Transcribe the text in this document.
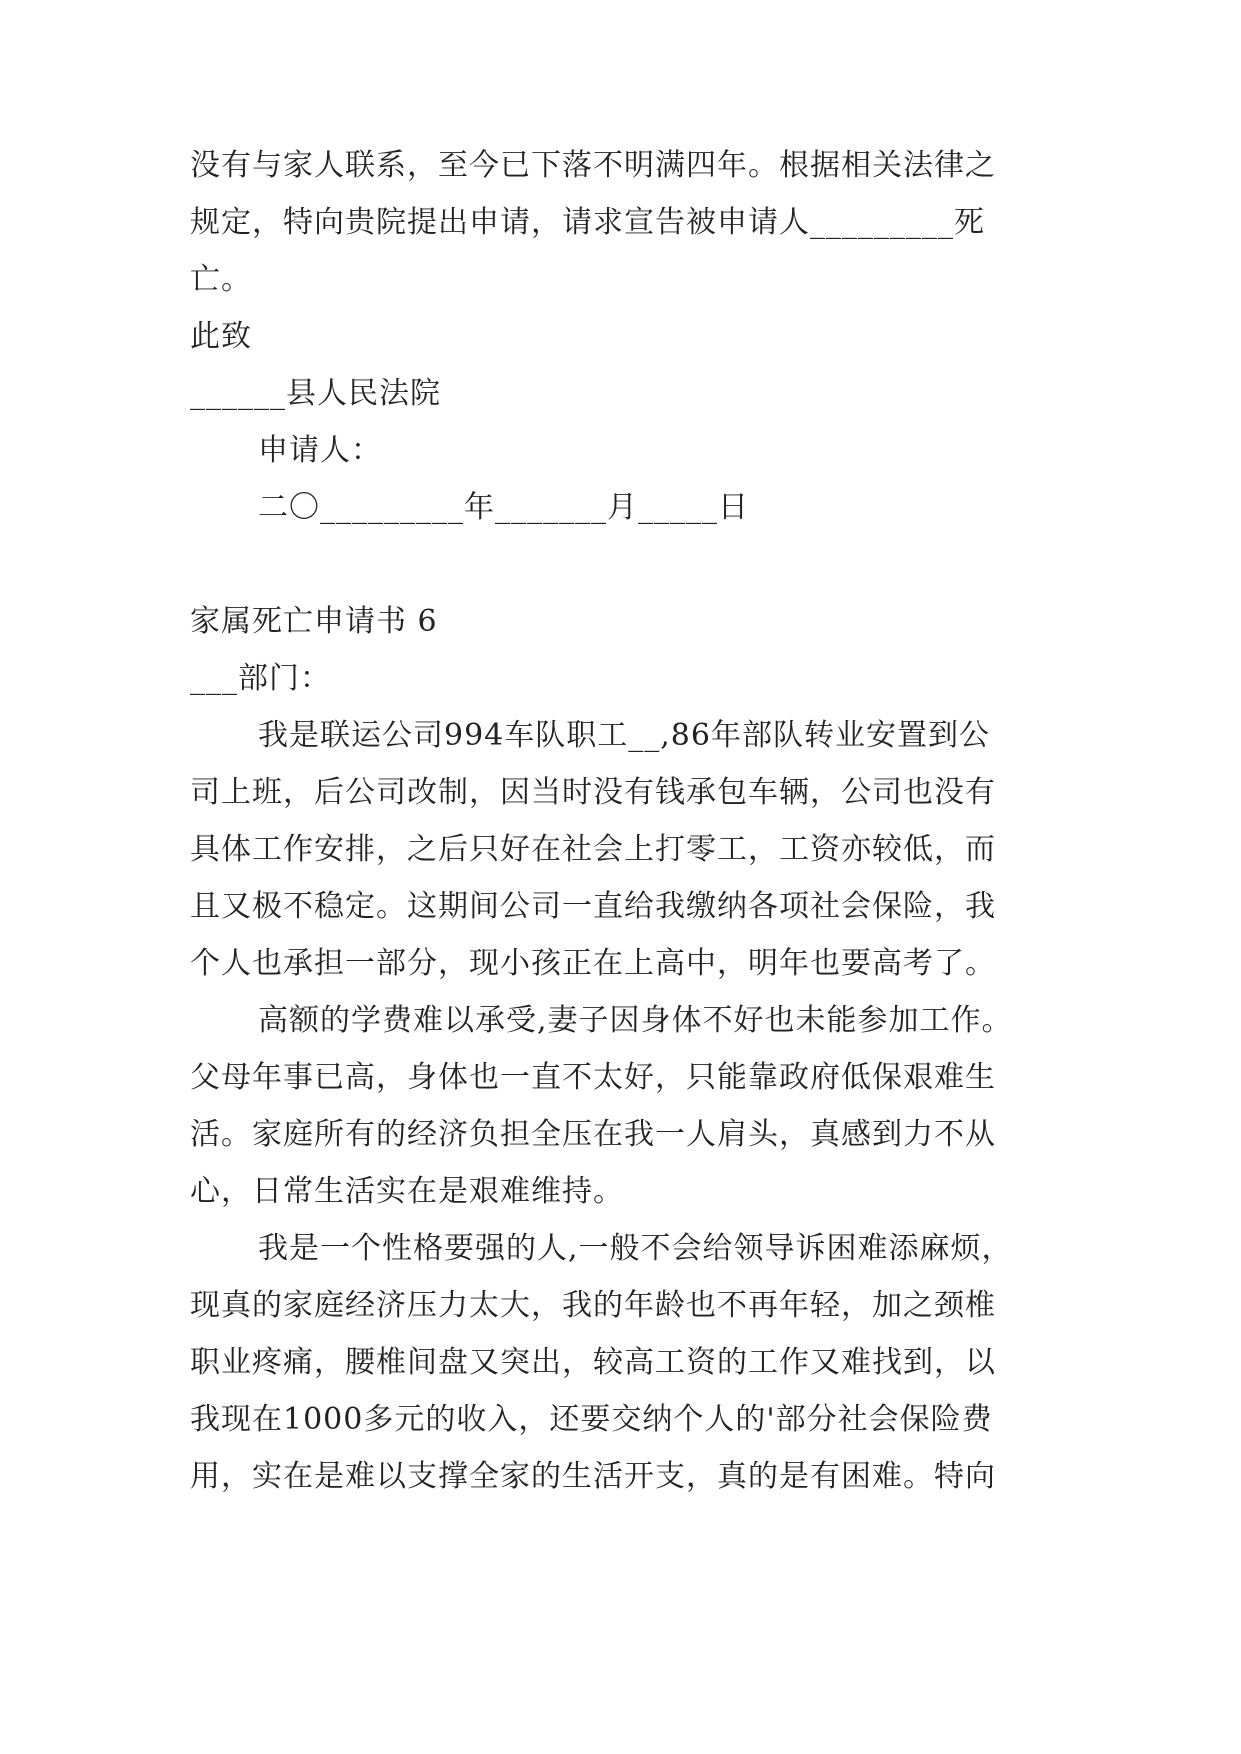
没有与家人联系，至今已下落不明满四年。根据相关法律之
规定，特向贵院提出申请，请求宣告被申请人_________死
亡。
此致
______县人民法院
申请人：
二〇_________年_______月_____日
家属死亡申请书 6
___部门：
我是联运公司994车队职工__,86年部队转业安置到公
司上班，后公司改制，因当时没有钱承包车辆，公司也没有
具体工作安排，之后只好在社会上打零工，工资亦较低，而
且又极不稳定。这期间公司一直给我缴纳各项社会保险，我
个人也承担一部分，现小孩正在上高中，明年也要高考了。
高额的学费难以承受,妻子因身体不好也未能参加工作。
父母年事已高，身体也一直不太好，只能靠政府低保艰难生
活。家庭所有的经济负担全压在我一人肩头，真感到力不从
心，日常生活实在是艰难维持。
我是一个性格要强的人,一般不会给领导诉困难添麻烦，
现真的家庭经济压力太大，我的年龄也不再年轻，加之颈椎
职业疼痛，腰椎间盘又突出，较高工资的工作又难找到，以
我现在1000多元的收入，还要交纳个人的'部分社会保险费
用，实在是难以支撑全家的生活开支，真的是有困难。特向
